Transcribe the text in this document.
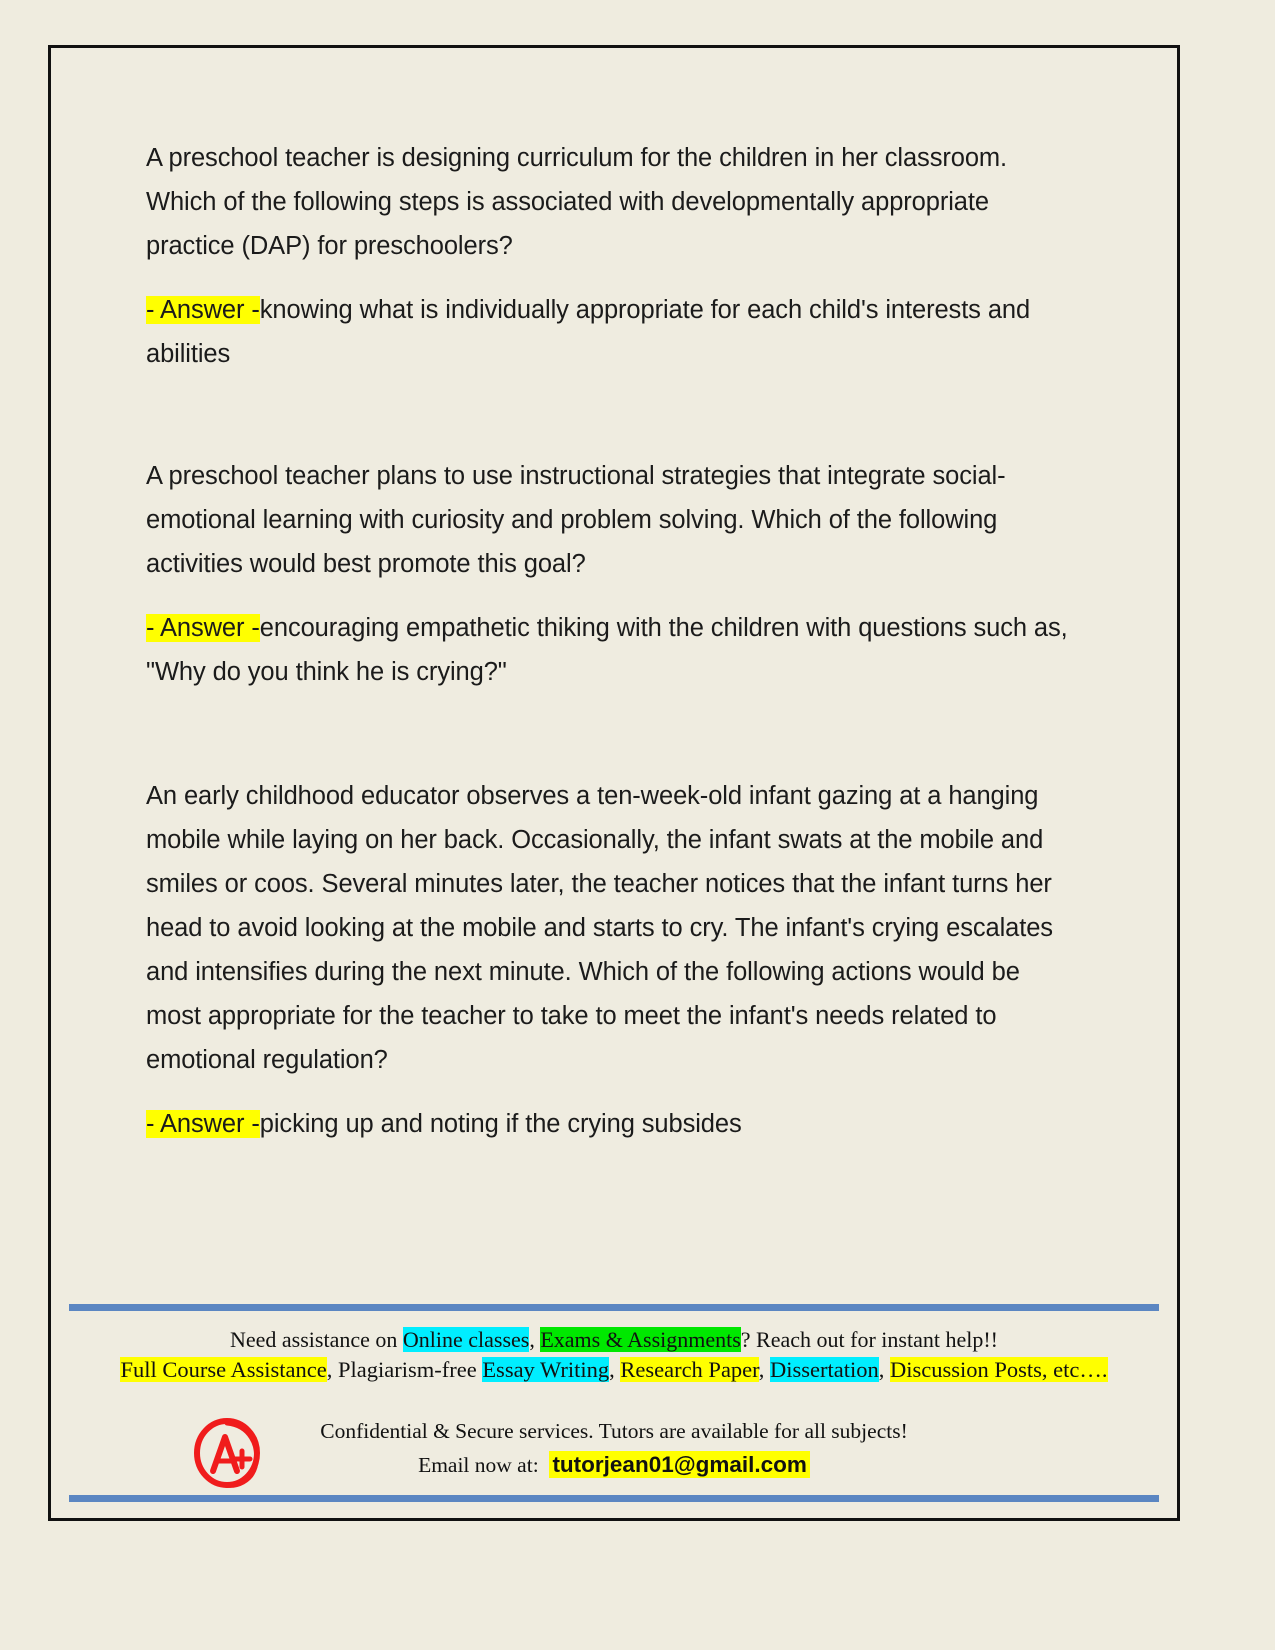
A preschool teacher is designing curriculum for the children in her classroom. Which of the following steps is associated with developmentally appropriate practice (DAP) for preschoolers?

- Answer -knowing what is individually appropriate for each child's interests and abilities

A preschool teacher plans to use instructional strategies that integrate social-emotional learning with curiosity and problem solving. Which of the following activities would best promote this goal?

- Answer -encouraging empathetic thiking with the children with questions such as, "Why do you think he is crying?"

An early childhood educator observes a ten-week-old infant gazing at a hanging mobile while laying on her back. Occasionally, the infant swats at the mobile and smiles or coos. Several minutes later, the teacher notices that the infant turns her head to avoid looking at the mobile and starts to cry. The infant's crying escalates and intensifies during the next minute. Which of the following actions would be most appropriate for the teacher to take to meet the infant's needs related to emotional regulation?

- Answer -picking up and noting if the crying subsides

Need assistance on Online classes, Exams & Assignments? Reach out for instant help!!
Full Course Assistance, Plagiarism-free Essay Writing, Research Paper, Dissertation, Discussion Posts, etc….
Confidential & Secure services. Tutors are available for all subjects!
Email now at: tutorjean01@gmail.com
